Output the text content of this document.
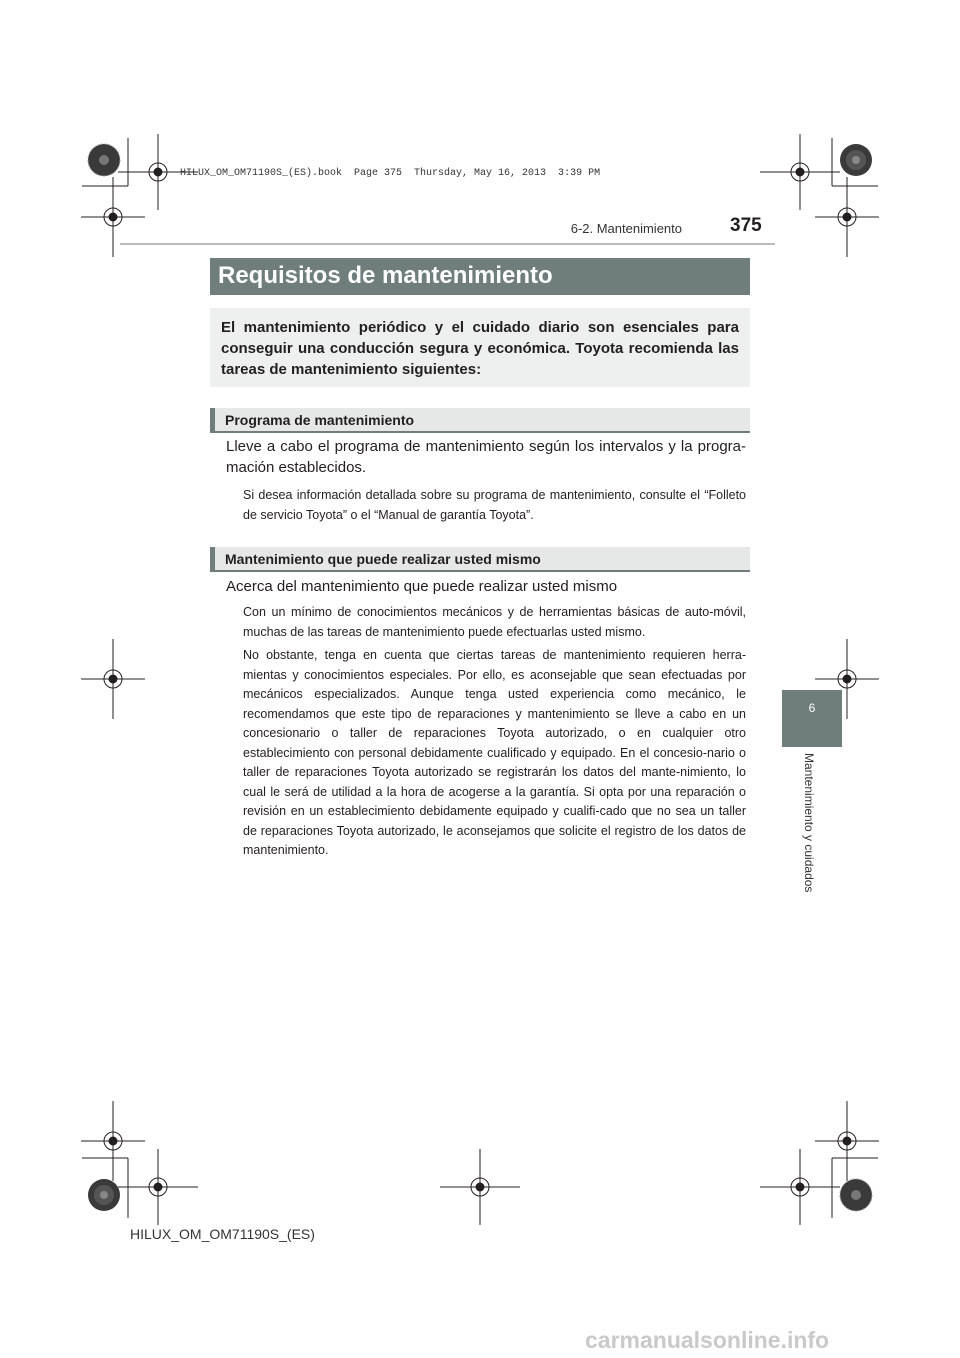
HILUX_OM_OM71190S_(ES).book  Page 375  Thursday, May 16, 2013  3:39 PM
6-2. Mantenimiento	375
Requisitos de mantenimiento
El mantenimiento periódico y el cuidado diario son esenciales para conseguir una conducción segura y económica. Toyota recomienda las tareas de mantenimiento siguientes:
Programa de mantenimiento
Lleve a cabo el programa de mantenimiento según los intervalos y la progra-mación establecidos.
Si desea información detallada sobre su programa de mantenimiento, consulte el “Folleto de servicio Toyota” o el “Manual de garantía Toyota”.
Mantenimiento que puede realizar usted mismo
Acerca del mantenimiento que puede realizar usted mismo
Con un mínimo de conocimientos mecánicos y de herramientas básicas de auto-móvil, muchas de las tareas de mantenimiento puede efectuarlas usted mismo.
No obstante, tenga en cuenta que ciertas tareas de mantenimiento requieren herra-mientas y conocimientos especiales. Por ello, es aconsejable que sean efectuadas por mecánicos especializados. Aunque tenga usted experiencia como mecánico, le recomendamos que este tipo de reparaciones y mantenimiento se lleve a cabo en un concesionario o taller de reparaciones Toyota autorizado, o en cualquier otro establecimiento con personal debidamente cualificado y equipado. En el concesio-nario o taller de reparaciones Toyota autorizado se registrarán los datos del mante-nimiento, lo cual le será de utilidad a la hora de acogerse a la garantía. Si opta por una reparación o revisión en un establecimiento debidamente equipado y cualifi-cado que no sea un taller de reparaciones Toyota autorizado, le aconsejamos que solicite el registro de los datos de mantenimiento.
6
Mantenimiento y cuidados
HILUX_OM_OM71190S_(ES)
carmanualsonline.info
